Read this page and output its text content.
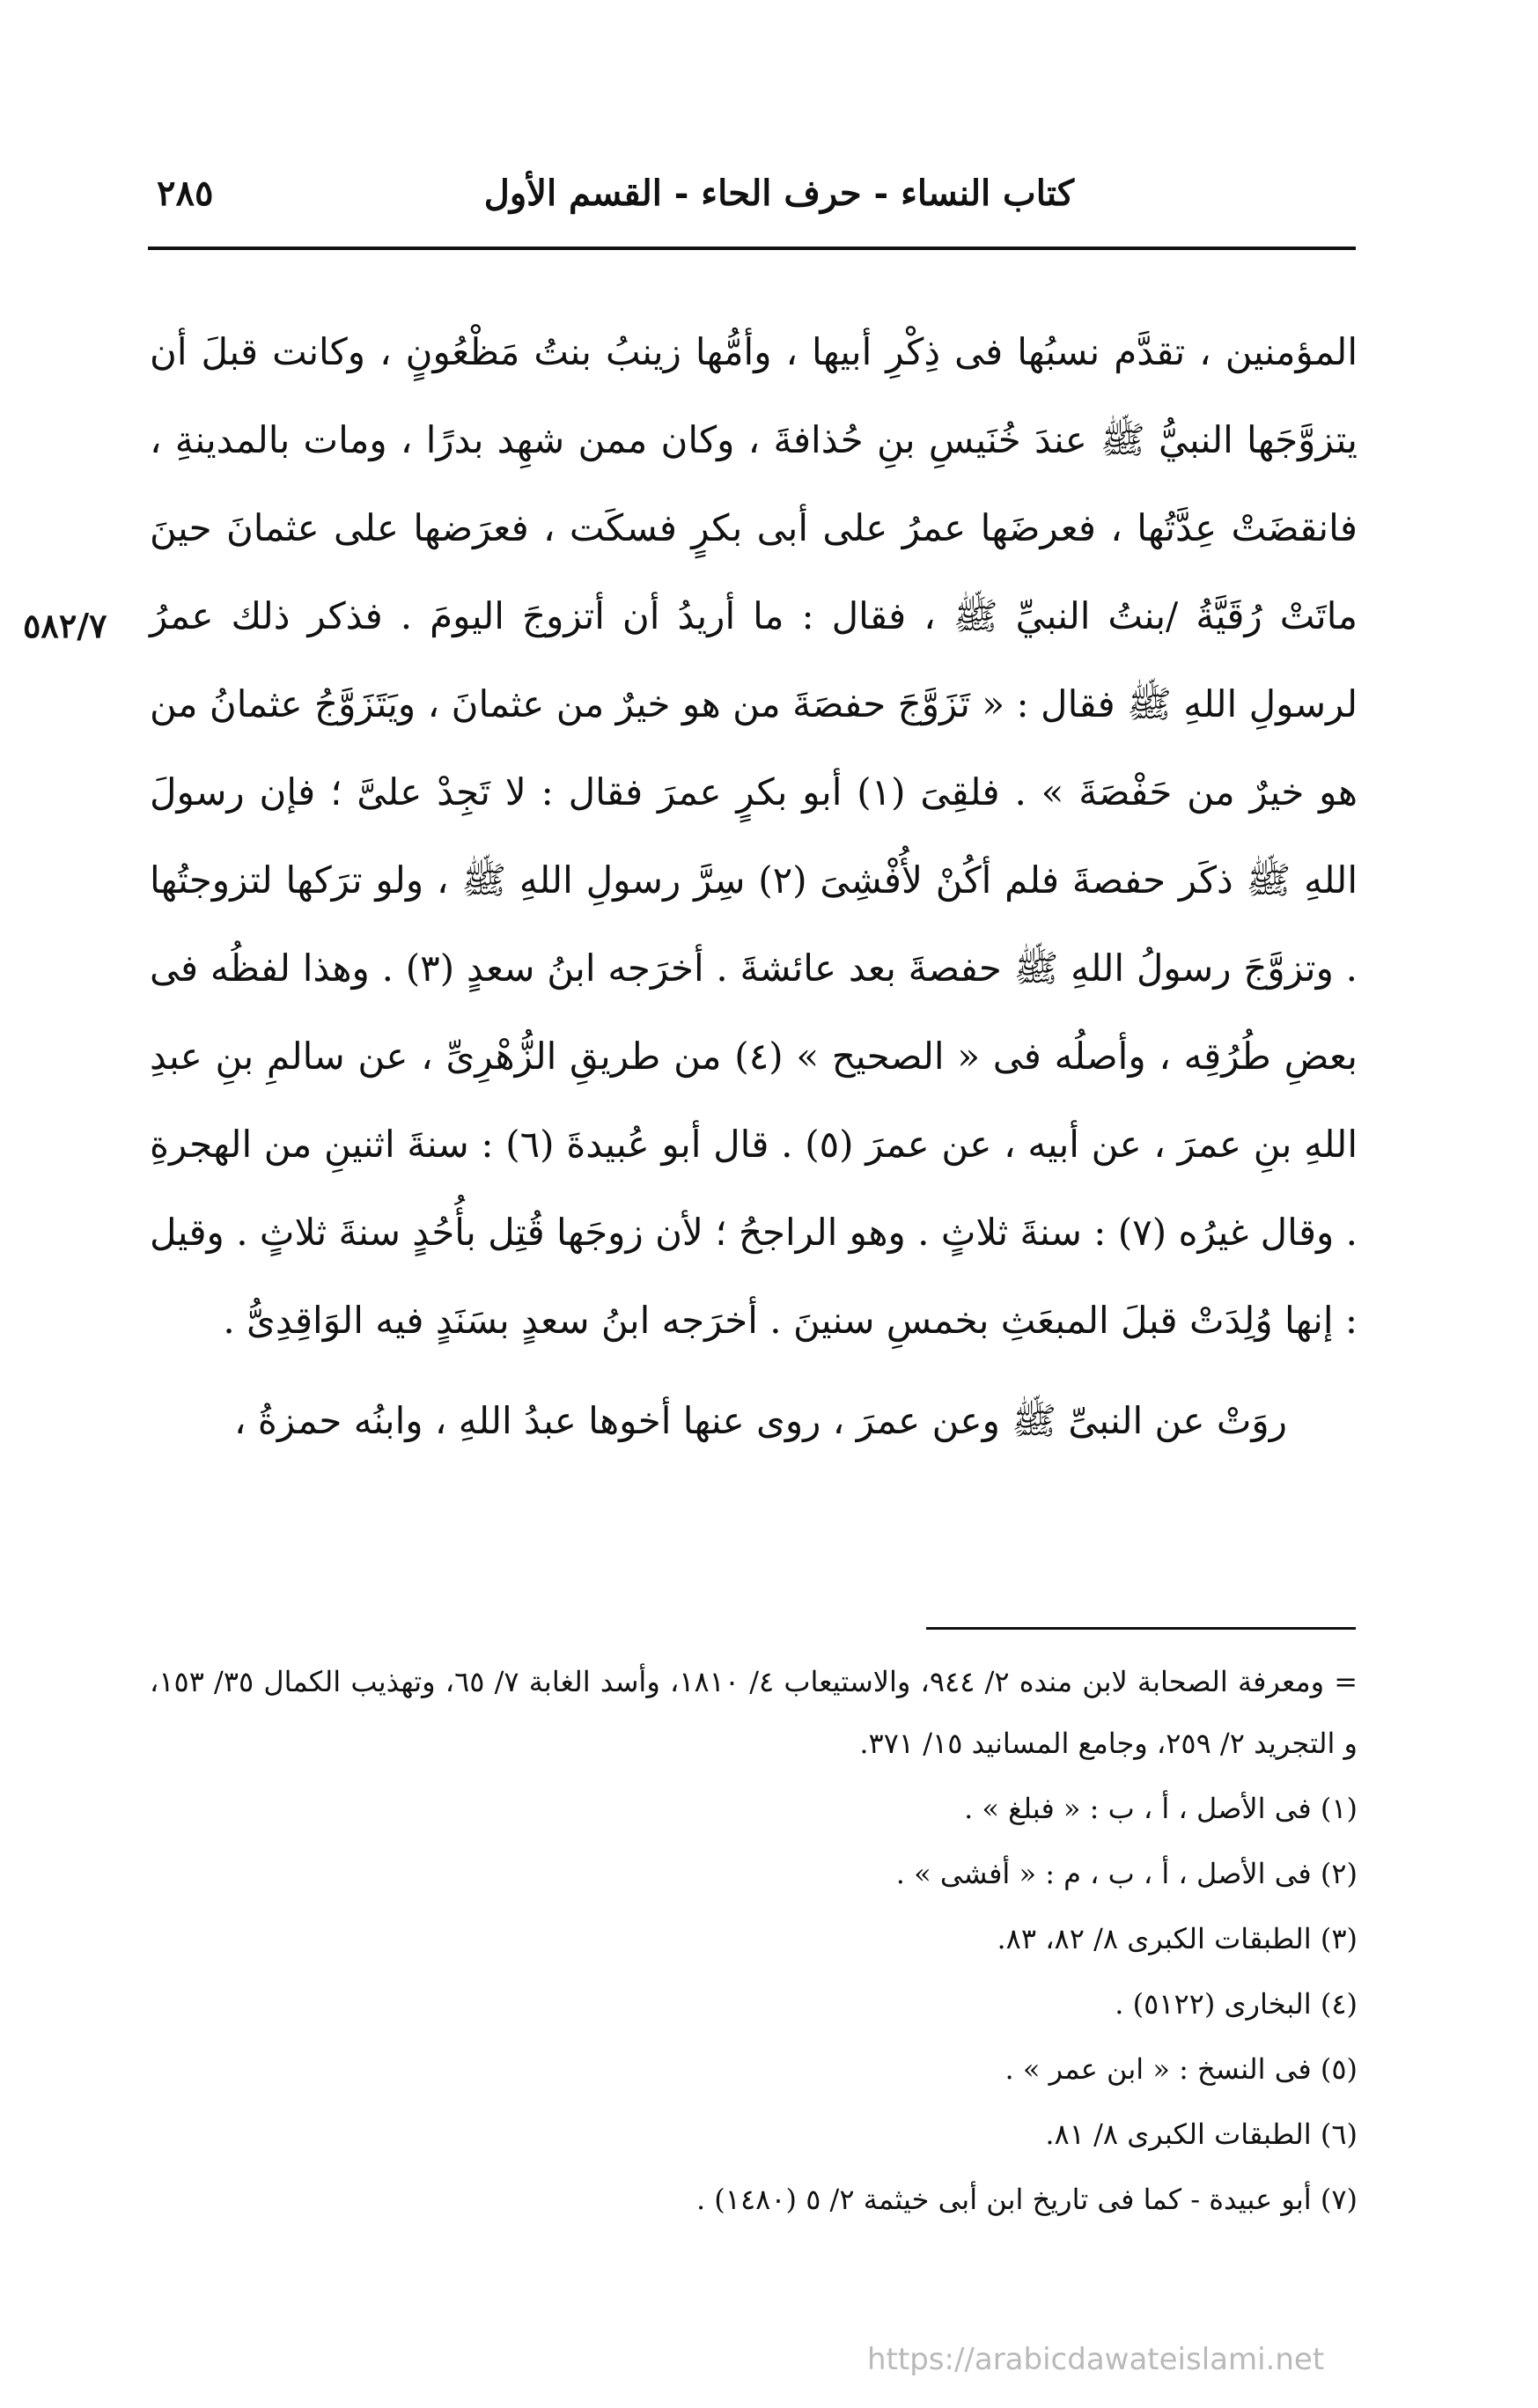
كتاب النساء - حرف الحاء - القسم الأول
٢٨٥
٥٨٢/٧

المؤمنين ، تقدَّم نسبُها فى ذِكْرِ أبيها ، وأمُّها زينبُ بنتُ مَظْعُونٍ ، وكانت قبلَ أن يتزوَّجَها النبيُّ ﷺ عندَ خُنَيسِ بنِ حُذافةَ ، وكان ممن شهِد بدرًا ، ومات بالمدينةِ ، فانقضَتْ عِدَّتُها ، فعرضَها عمرُ على أبى بكرٍ فسكَت ، فعرَضها على عثمانَ حينَ ماتَتْ رُقَيَّةُ /بنتُ النبيِّ ﷺ ، فقال : ما أريدُ أن أتزوجَ اليومَ . فذكر ذلك عمرُ لرسولِ اللهِ ﷺ فقال : « تَزَوَّجَ حفصَةَ من هو خيرٌ من عثمانَ ، ويَتَزَوَّجُ عثمانُ من هو خيرٌ من حَفْصَةَ » . فلقِىَ (١) أبو بكرٍ عمرَ فقال : لا تَجِدْ علىَّ ؛ فإن رسولَ اللهِ ﷺ ذكَر حفصةَ فلم أكُنْ لأُفْشِىَ (٢) سِرَّ رسولِ اللهِ ﷺ ، ولو ترَكها لتزوجتُها . وتزوَّجَ رسولُ اللهِ ﷺ حفصةَ بعد عائشةَ . أخرَجه ابنُ سعدٍ (٣) . وهذا لفظُه فى بعضِ طُرُقِه ، وأصلُه فى « الصحيح » (٤) من طريقِ الزُّهْرِىِّ ، عن سالمِ بنِ عبدِ اللهِ بنِ عمرَ ، عن أبيه ، عن عمرَ (٥) . قال أبو عُبيدةَ (٦) : سنةَ اثنينِ من الهجرةِ . وقال غيرُه (٧) : سنةَ ثلاثٍ . وهو الراجحُ ؛ لأن زوجَها قُتِل بأُحُدٍ سنةَ ثلاثٍ . وقيل : إنها وُلِدَتْ قبلَ المبعَثِ بخمسِ سنينَ . أخرَجه ابنُ سعدٍ بسَنَدٍ فيه الوَاقِدِىُّ .

روَتْ عن النبىِّ ﷺ وعن عمرَ ، روى عنها أخوها عبدُ اللهِ ، وابنُه حمزةُ ،

= ومعرفة الصحابة لابن منده ٢/ ٩٤٤، والاستيعاب ٤/ ١٨١٠، وأسد الغابة ٧/ ٦٥، وتهذيب الكمال ٣٥/ ١٥٣، و التجريد ٢/ ٢٥٩، وجامع المسانيد ١٥/ ٣٧١.

(١) فى الأصل ، أ ، ب : « فبلغ » .

(٢) فى الأصل ، أ ، ب ، م : « أفشى » .

(٣) الطبقات الكبرى ٨/ ٨٢، ٨٣.

(٤) البخارى (٥١٢٢) .

(٥) فى النسخ : « ابن عمر » .

(٦) الطبقات الكبرى ٨/ ٨١.

(٧) أبو عبيدة - كما فى تاريخ ابن أبى خيثمة ٢/ ٥ (١٤٨٠) .

https://arabicdawateislami.net
